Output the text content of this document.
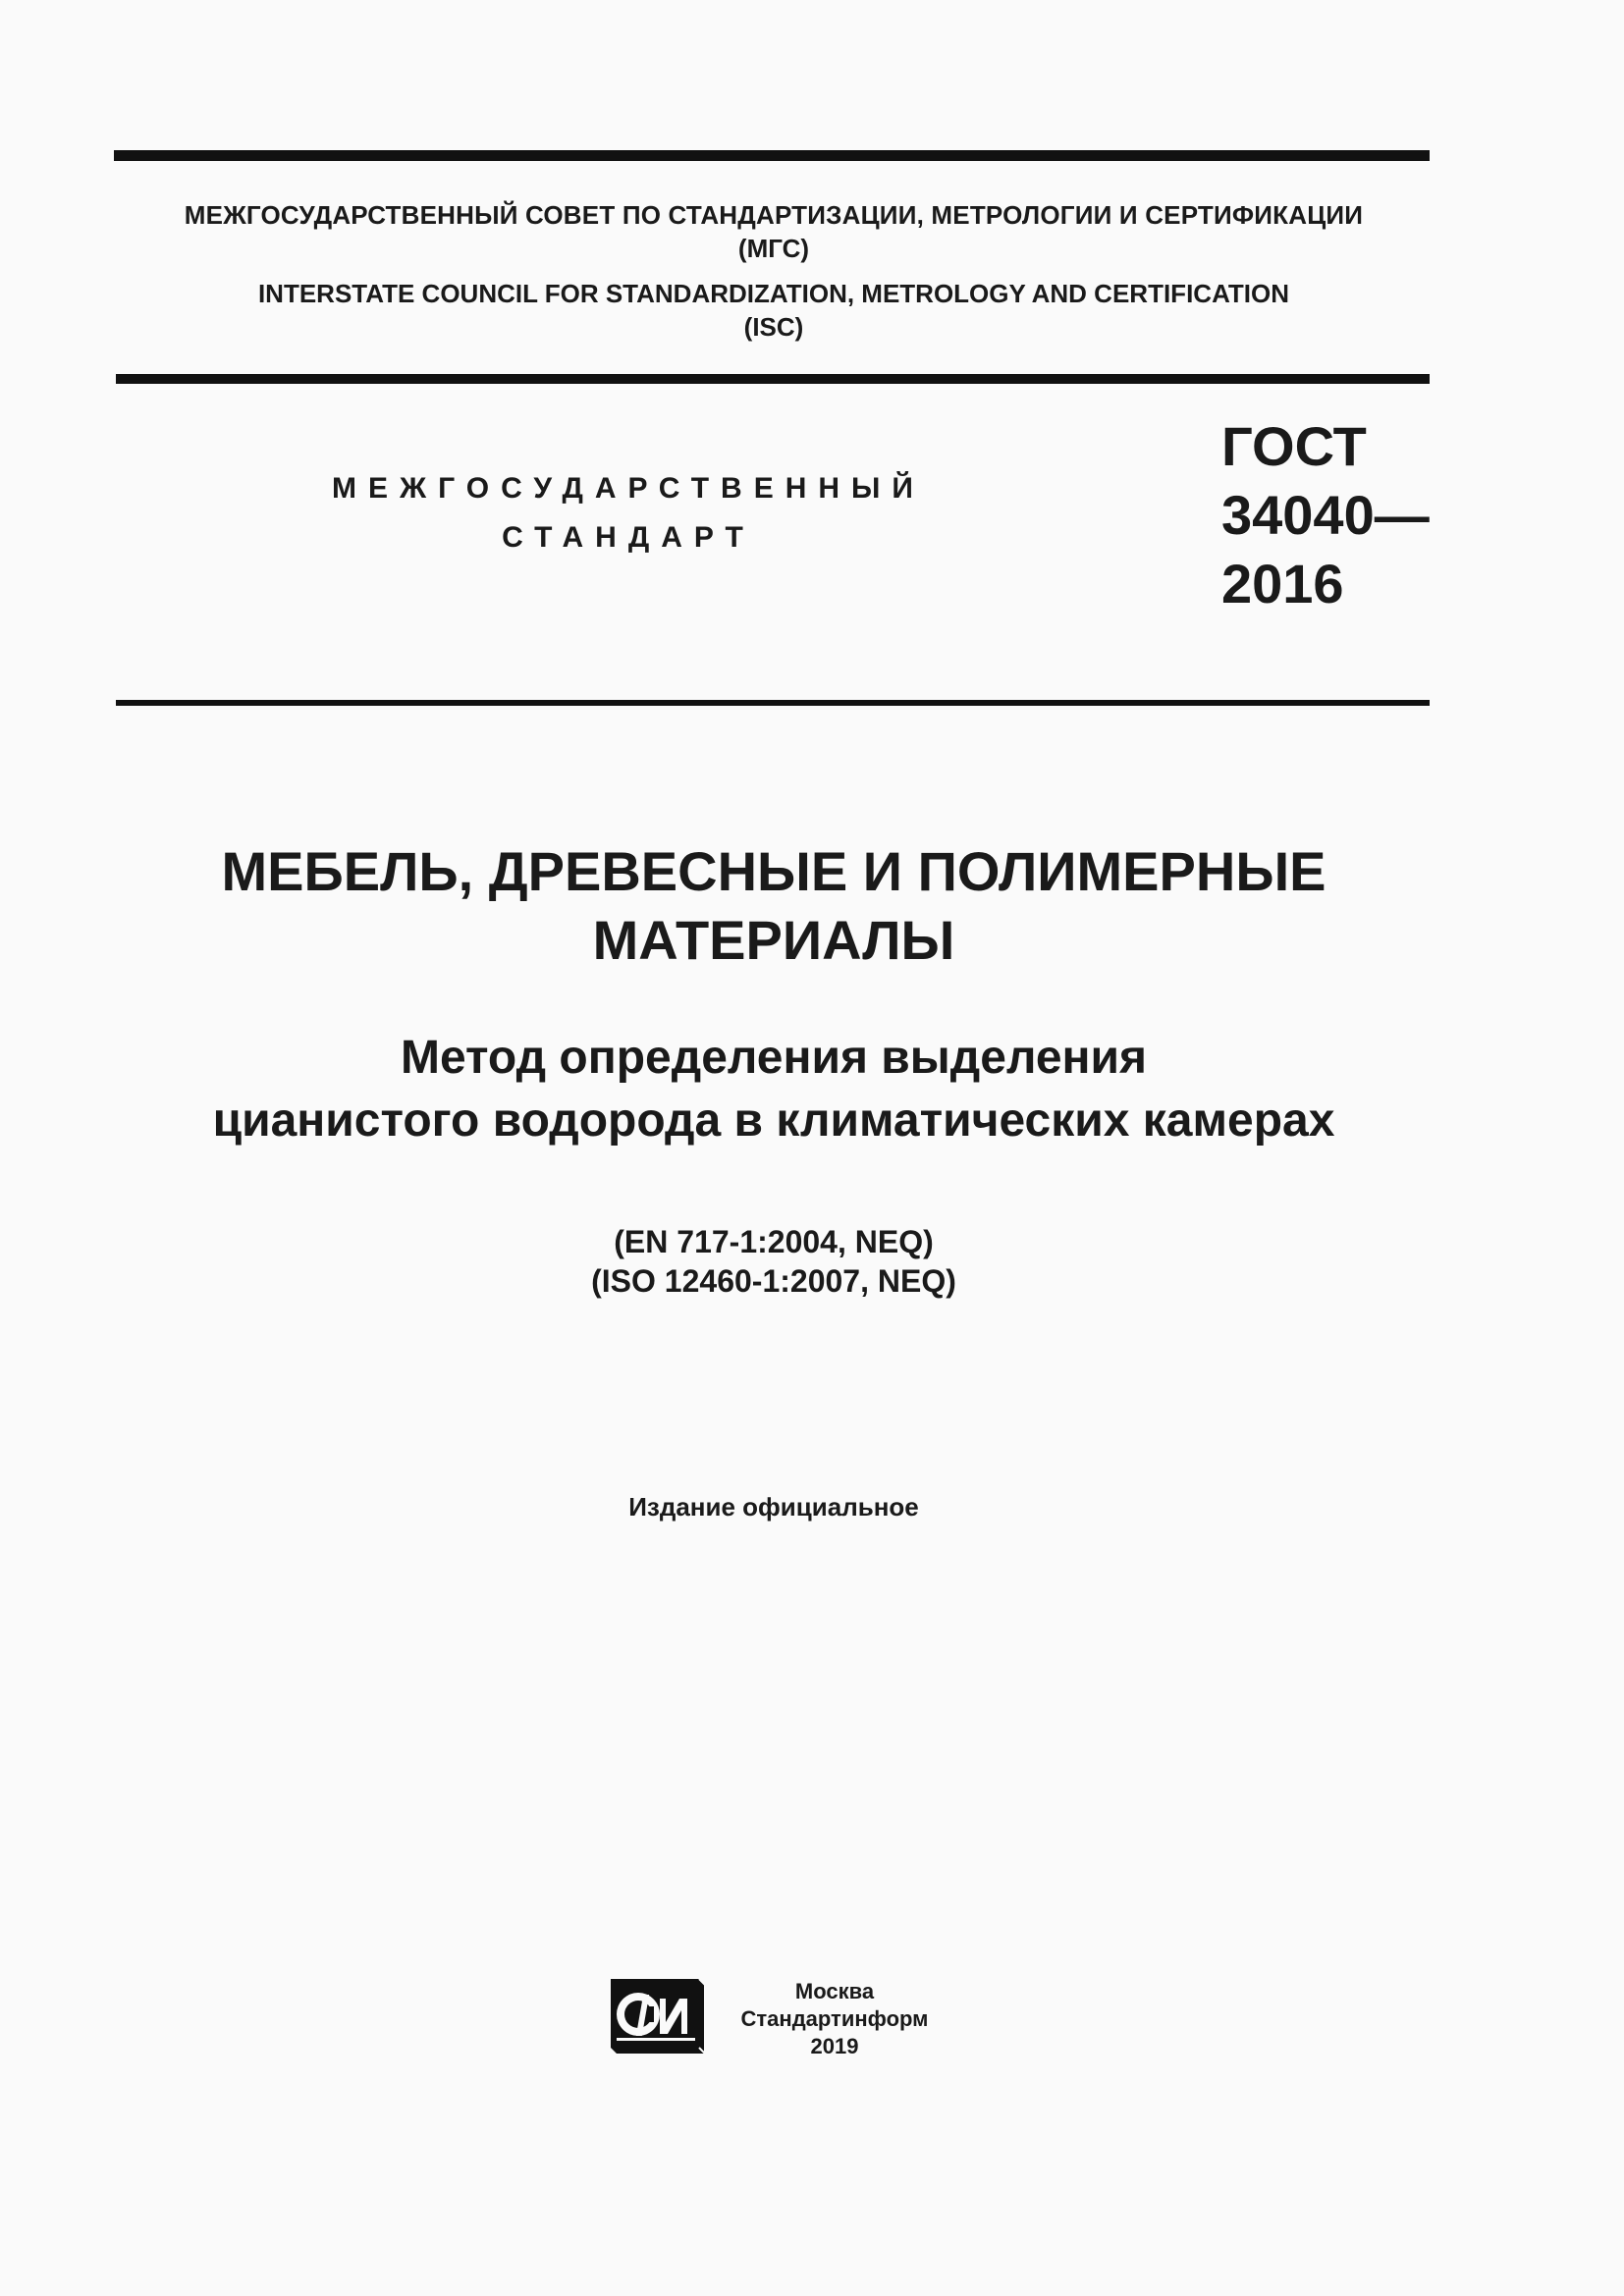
МЕЖГОСУДАРСТВЕННЫЙ СОВЕТ ПО СТАНДАРТИЗАЦИИ, МЕТРОЛОГИИ И СЕРТИФИКАЦИИ
(МГС)
INTERSTATE COUNCIL FOR STANDARDIZATION, METROLOGY AND CERTIFICATION
(ISC)
МЕЖГОСУДАРСТВЕННЫЙ
СТАНДАРТ
ГОСТ
34040—
2016
МЕБЕЛЬ, ДРЕВЕСНЫЕ И ПОЛИМЕРНЫЕ
МАТЕРИАЛЫ
Метод определения выделения
цианистого водорода в климатических камерах
(EN 717-1:2004, NEQ)
(ISO 12460-1:2007, NEQ)
Издание официальное
Москва
Стандартинформ
2019
